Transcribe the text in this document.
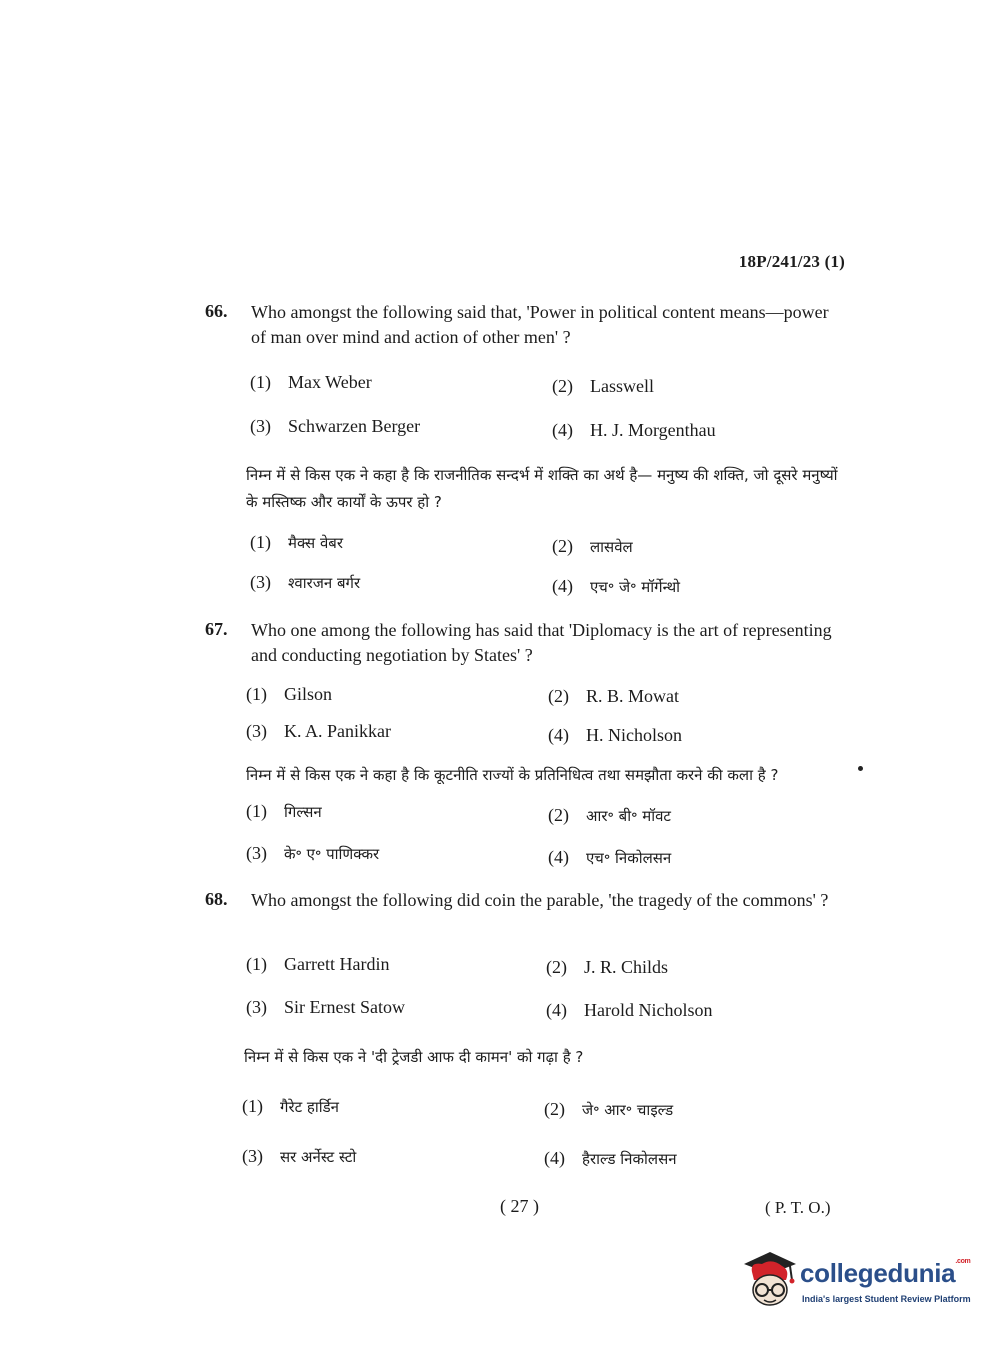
18P/241/23 (1)
66.	Who amongst the following said that, 'Power in political content means—power of man over mind and action of other men' ?
(1) Max Weber	(2) Lasswell
(3) Schwarzen Berger	(4) H. J. Morgenthau
निम्न में से किस एक ने कहा है कि राजनीतिक सन्दर्भ में शक्ति का अर्थ है— मनुष्य की शक्ति, जो दूसरे मनुष्यों के मस्तिष्क और कार्यों के ऊपर हो ?
(1) मैक्स वेबर	(2) लासवेल
(3) श्वारजन बर्गर	(4) एच॰ जे॰ मॉर्गेन्थो
67.	Who one among the following has said that 'Diplomacy is the art of representing and conducting negotiation by States' ?
(1) Gilson	(2) R. B. Mowat
(3) K. A. Panikkar	(4) H. Nicholson
निम्न में से किस एक ने कहा है कि कूटनीति राज्यों के प्रतिनिधित्व तथा समझौता करने की कला है ?
(1) गिल्सन	(2) आर॰ बी॰ मॉवट
(3) के॰ ए॰ पाणिक्कर	(4) एच॰ निकोलसन
68.	Who amongst the following did coin the parable, 'the tragedy of the commons' ?
(1) Garrett Hardin	(2) J. R. Childs
(3) Sir Ernest Satow	(4) Harold Nicholson
निम्न में से किस एक ने 'दी ट्रेजडी आफ दी कामन' को गढ़ा है ?
(1) गैरेट हार्डिन	(2) जे॰ आर॰ चाइल्ड
(3) सर अर्नेस्ट स्टो	(4) हैराल्ड निकोलसन
( 27 )	( P. T. O.)
collegedunia$^{.com}$
India's largest Student Review Platform
